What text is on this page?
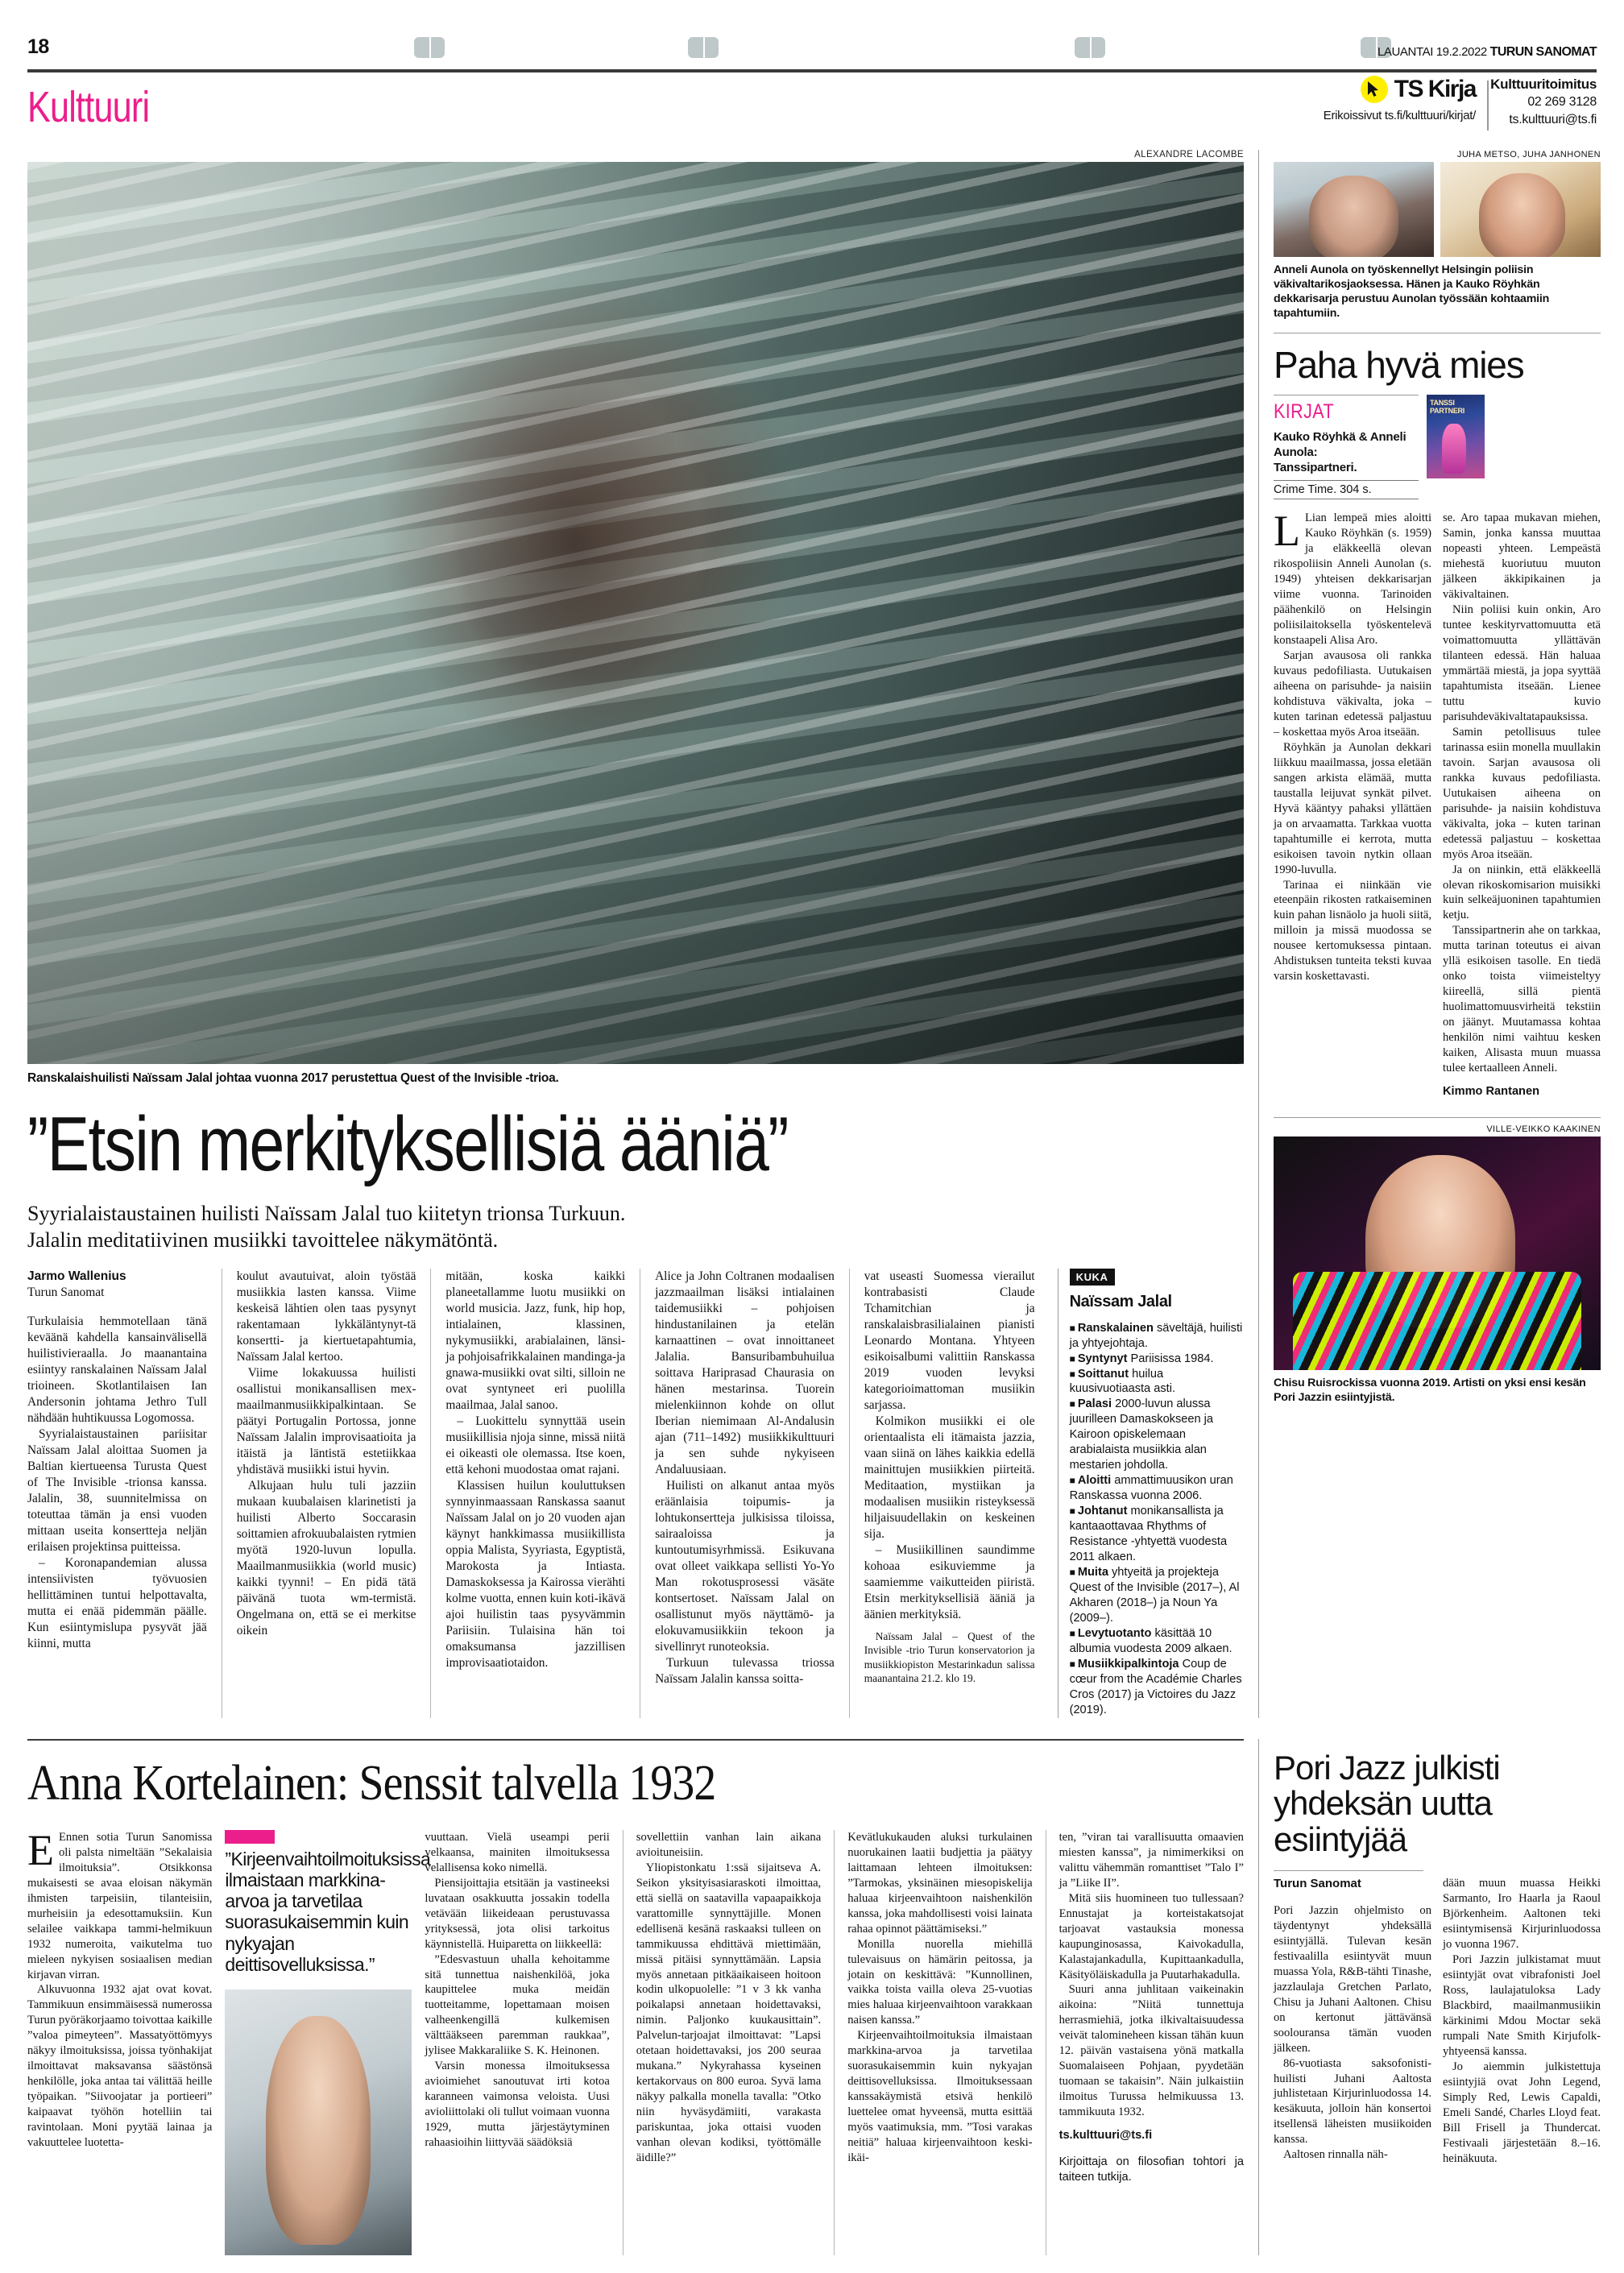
18	LAUANTAI 19.2.2022 TURUN SANOMAT
Kulttuuri	TS Kirja
Erikoissivut ts.fi/kulttuuri/kirjat/
Kulttuuritoimitus
02 269 3128
ts.kulttuuri@ts.fi
ALEXANDRE LACOMBE
Ranskalaishuilisti Naïssam Jalal johtaa vuonna 2017 perustettua Quest of the Invisible -trioa.
”Etsin merkityksellisiä ääniä”
Syyrialaistaustainen huilisti Naïssam Jalal tuo kiitetyn trionsa Turkuun.
Jalalin meditatiivinen musiikki tavoittelee näkymätöntä.
Jarmo Wallenius
Turun Sanomat

Turkulaisia hemmotellaan tänä keväänä kahdella kansainvälisellä huilistivieraalla. Jo maanantaina esiintyy ranskalainen Naïssam Jalal trioineen. Skotlantilaisen Ian Andersonin johtama Jethro Tull nähdään huhtikuussa Logomossa.

Syyrialaistaustainen pariisitar Naïssam Jalal aloittaa Suomen ja Baltian kiertueensa Turusta Quest of The Invisible -trionsa kanssa. Jalalin, 38, suunnitelmissa on toteuttaa tämän ja ensi vuoden mittaan useita konsertteja neljän erilaisen projektinsa puitteissa.

– Koronapandemian alussa intensiivisten työvuosien hellittäminen tuntui helpottavalta, mutta ei enää pidemmän päälle. Kun esiintymislupa pysyvät jää kiinni, mutta

koulut avautuivat, aloin työstää musiikkia lasten kanssa. Viime keskeisä lähtien olen taas pysynyt rakentamaan lykkäläntynyt-tä konsertti- ja kiertuetapahtumia, Naïssam Jalal kertoo.

Viime lokakuussa huilisti osallistui monikansallisen mex-maailmanmusiikkipalkintaan. Se päätyi Portugalin Portossa, jonne Naïssam Jalalin improvisaatioita ja itäistä ja läntistä estetiikkaa yhdistävä musiikki istui hyvin.

Alkujaan hulu tuli jazziin mukaan kuubalaisen klarinetisti ja huilisti Alberto Soccarasin soittamien afrokuubalaisten rytmien myötä 1920-luvun lopulla. Maailmanmusiikkia (world music) kaikki tyynni! – En pidä tätä päivänä tuota wm-termistä. Ongelmana on, että se ei merkitse oikein

mitään, koska kaikki planeetallamme luotu musiikki on world musicia. Jazz, funk, hip hop, intialainen, klassinen, nykymusiikki, arabialainen, länsi- ja pohjoisafrikkalainen mandinga-ja gnawa-musiikki ovat silti, silloin ne ovat syntyneet eri puolilla maailmaa, Jalal sanoo.

– Luokittelu synnyttää usein musiikillisia njoja sinne, missä niitä ei oikeasti ole olemassa. Itse koen, että kehoni muodostaa omat rajani.

Klassisen huilun kouluttuksen synnyinmaassaan Ranskassa saanut Naïssam Jalal on jo 20 vuoden ajan käynyt hankkimassa musiikillista oppia Malista, Syyriasta, Egyptistä, Marokosta ja Intiasta. Damaskoksessa ja Kairossa vierähti kolme vuotta, ennen kuin koti-ikävä ajoi huilistin taas pysyvämmin Pariisiin. Tulaisina hän toi omaksumansa jazzillisen improvisaatiotaidon.

Alice ja John Coltranen modaalisen jazzmaailman lisäksi intialainen taidemusiikki – pohjoisen hindustanilainen ja etelän karnaattinen – ovat innoittaneet Jalalia. Bansuribambuhuilua soittava Hariprasad Chaurasia on hänen mestarinsa. Tuorein mielenkiinnon kohde on ollut Iberian niemimaan Al-Andalusin ajan (711–1492) musiikkikulttuuri ja sen suhde nykyiseen Andaluusiaan.

Huilisti on alkanut antaa myös eräänlaisia toipumis- ja lohtukonsertteja julkisissa tiloissa, sairaaloissa ja kuntoutumisyrhmissä. Esikuvana ovat olleet vaikkapa sellisti Yo-Yo Man rokotusprosessi väsäte kontsertoset. Naïssam Jalal on osallistunut myös näyttämö- ja elokuvamusiikkiin tekoon ja sivellinryt runoteoksia.

Turkuun tulevassa triossa Naïssam Jalalin kanssa soitta-

vat useasti Suomessa vierailut kontrabasisti Claude Tchamitchian ja ranskalaisbrasilialainen pianisti Leonardo Montana. Yhtyeen esikoisalbumi valittiin Ranskassa 2019 vuoden levyksi kategorioimattoman musiikin sarjassa.

Kolmikon musiikki ei ole orientaalista eli itämaista jazzia, vaan siinä on lähes kaikkia edellä mainittujen musiikkien piirteitä. Meditaation, mystiikan ja modaalisen musiikin risteyksessä hiljaisuudellakin on keskeinen sija.

– Musiikillinen saundimme kohoaa esikuviemme ja saamiemme vaikutteiden piiristä. Etsin merkityksellisiä ääniä ja äänien merkityksiä.

Naïssam Jalal – Quest of the Invisible -trio Turun konservatorion ja musiikkiopiston Mestarinkadun salissa maanantaina 21.2. klo 19.

KUKA
Naïssam Jalal
■ Ranskalainen säveltäjä, huilisti ja yhtyejohtaja.
■ Syntynyt Pariisissa 1984.
■ Soittanut huilua kuusivuotiaasta asti.
■ Palasi 2000-luvun alussa juurilleen Damaskokseen ja Kairoon opiskelemaan arabialaista musiikkia alan mestarien johdolla.
■ Aloitti ammattimuusikon uran Ranskassa vuonna 2006.
■ Johtanut monikansallista ja kantaaottavaa Rhythms of Resistance -yhtyettä vuodesta 2011 alkaen.
■ Muita yhtyeitä ja projekteja Quest of the Invisible (2017–), Al Akharen (2018–) ja Noun Ya (2009–).
■ Levytuotanto käsittää 10 albumia vuodesta 2009 alkaen.
■ Musiikkipalkintoja Coup de cœur from the Académie Charles Cros (2017) ja Victoires du Jazz (2019).
JUHA METSO, JUHA JANHONEN
Anneli Aunola on työskennellyt Helsingin poliisin väkivaltarikosjaoksessa. Hänen ja Kauko Röyhkän dekkarisarja perustuu Aunolan työssään kohtaamiin tapahtumiin.
Paha hyvä mies
KIRJAT
Kauko Röyhkä & Anneli Aunola:
Tanssipartneri.
Crime Time. 304 s.
TANSSI PARTNERI

L Lian lempeä mies aloitti Kauko Röyhkän (s. 1959) ja eläkkeellä olevan rikospoliisin Anneli Aunolan (s. 1949) yhteisen dekkarisarjan viime vuonna. Tarinoiden päähenkilö on Helsingin poliisilaitoksella työskentelevä konstaapeli Alisa Aro.

Sarjan avausosa oli rankka kuvaus pedofiliasta. Uutukaisen aiheena on parisuhde- ja naisiin kohdistuva väkivalta, joka – kuten tarinan edetessä paljastuu – koskettaa myös Aroa itseään.

Röyhkän ja Aunolan dekkari liikkuu maailmassa, jossa eletään sangen arkista elämää, mutta taustalla leijuvat synkät pilvet. Hyvä kääntyy pahaksi yllättäen ja on arvaamatta. Tarkkaa vuotta tapahtumille ei kerrota, mutta esikoisen tavoin nytkin ollaan 1990-luvulla.

Tarinaa ei niinkään vie eteenpäin rikosten ratkaiseminen kuin pahan lisnäolo ja huoli siitä, milloin ja missä muodossa se nousee kertomuksessa pintaan. Ahdistuksen tunteita teksti kuvaa varsin koskettavasti.

se. Aro tapaa mukavan miehen, Samin, jonka kanssa muuttaa nopeasti yhteen. Lempeästä miehestä kuoriutuu muuton jälkeen äkkipikainen ja väkivaltainen.

Niin poliisi kuin onkin, Aro tuntee keskityrvattomuutta etä voimattomuutta yllättävän tilanteen edessä. Hän haluaa ymmärtää miestä, ja jopa syyttää tapahtumista itseään. Lienee tuttu kuvio parisuhdeväkivaltatapauksissa.

Samin petollisuus tulee tarinassa esiin monella muullakin tavoin. Sarjan avausosa oli rankka kuvaus pedofiliasta. Uutukaisen aiheena on parisuhde- ja naisiin kohdistuva väkivalta, joka – kuten tarinan edetessä paljastuu – koskettaa myös Aroa itseään.

Ja on niinkin, että eläkkeellä olevan rikoskomisarion muisikki kuin selkeäjuoninen tapahtumien ketju.

Tanssipartnerin ahe on tarkkaa, mutta tarinan toteutus ei aivan yllä esikoisen tasolle. En tiedä onko toista viimeisteltyy kiireellä, sillä pientä huolimattomuusvirheitä tekstiin on jäänyt. Muutamassa kohtaa henkilön nimi vaihtuu kesken kaiken, Alisasta muun muassa tulee kertaalleen Anneli.

Kimmo Rantanen
VILLE-VEIKKO KAAKINEN
Chisu Ruisrockissa vuonna 2019. Artisti on yksi ensi kesän Pori Jazzin esiintyjistä.
Anna Kortelainen: Senssit talvella 1932

E Ennen sotia Turun Sanomissa oli palsta nimeltään ”Sekalaisia ilmoituksia”. Otsikkonsa mukaisesti se avaa eloisan näkymän ihmisten tarpeisiin, tilanteisiin, murheisiin ja edesottamuksiin. Kun selailee vaikkapa tammi-helmikuun 1932 numeroita, vaikutelma tuo mieleen nykyisen sosiaalisen median kirjavan virran.

Alkuvuonna 1932 ajat ovat kovat. Tammikuun ensimmäisessä numerossa Turun pyöräkorjaamo toivottaa kaikille ”valoa pimeyteen”. Massatyöttömyys näkyy ilmoituksissa, joissa työnhakijat ilmoittavat maksavansa säästönsä henkilölle, joka antaa tai välittää heille työpaikan. ”Siivoojatar ja portieeri” kaipaavat työhön hotelliin tai ravintolaan. Moni pyytää lainaa ja vakuuttelee luotetta-

”Kirjeenvaihtoilmoituksissa ilmaistaan markkina-arvoa ja tarvetilaa suorasukaisemmin kuin nykyajan deittisovelluksissa.”

vuuttaan. Vielä useampi perii velkaansa, mainiten ilmoituksessa velallisensa koko nimellä.

Piensijoittajia etsitään ja vastineeksi luvataan osakkuutta jossakin todella vetävään liikeideaan perustuvassa yrityksessä, jota olisi tarkoitus käynnistellä. Huiparetta on liikkeellä:

”Edesvastuun uhalla kehoitamme sitä tunnettua naishenkilöä, joka kaupittelee muka meidän tuotteitamme, lopettamaan moisen valheenkengillä kulkemisen välttääkseen paremman raukkaa”, jylisee Makkaraliike S. K. Heinonen.

Varsin monessa ilmoituksessa avioimiehet sanoutuvat irti kotoa karanneen vaimonsa veloista. Uusi avioliittolaki oli tullut voimaan vuonna 1929, mutta järjestäytyminen rahaasioihin liittyvää säädöksiä

sovellettiin vanhan lain aikana avioituneisiin.

Yliopistonkatu 1:ssä sijaitseva A. Seikon yksityisasiaraskoti ilmoittaa, että siellä on saatavilla vapaapaikkoja varattomille synnyttäjille. Monen edellisenä kesänä raskaaksi tulleen on tammikuussa ehdittävä miettimään, missä pitäisi synnyttämään. Lapsia myös annetaan pitkäaikaiseen hoitoon kodin ulkopuolelle: ”1 v 3 kk vanha poikalapsi annetaan hoidettavaksi, nimin. Paljonko kuukausittain”. Palvelun-tarjoajat ilmoittavat: ”Lapsi otetaan hoidettavaksi, jos 200 seuraa mukana.” Nykyrahassa kyseinen kertakorvaus on 800 euroa. Syvä lama näkyy palkalla monella tavalla: ”Otko niin hyväsydämiiti, varakasta pariskuntaa, joka ottaisi vuoden vanhan olevan kodiksi, työttömälle äidille?”

Kevätlukukauden aluksi turkulainen nuorukainen laatii budjettia ja päätyy laittamaan lehteen ilmoituksen: ”Tarmokas, yksinäinen miesopiskelija haluaa kirjeenvaihtoon naishenkilön kanssa, joka mahdollisesti voisi lainata rahaa opinnot päättämiseksi.”

Monilla nuorella miehillä tulevaisuus on hämärin peitossa, ja jotain on keskittävä: ”Kunnollinen, vaikka toista vailla oleva 25-vuotias mies haluaa kirjeenvaihtoon varakkaan naisen kanssa.”

Kirjeenvaihtoilmoituksia ilmaistaan markkina-arvoa ja tarvetilaa suorasukaisemmin kuin nykyajan deittisovelluksissa. Ilmoituksessaan kanssakäymistä etsivä henkilö luettelee omat hyveensä, mutta esittää myös vaatimuksia, mm. ”Tosi varakas neitiä” haluaa kirjeenvaihtoon keski-ikäi-

ten, ”viran tai varallisuutta omaavien miesten kanssa”, ja nimimerkiksi on valittu vähemmän romanttiset ”Talo I” ja ”Liike II”.

Mitä siis huomineen tuo tullessaan? Ennustajat ja korteistakatsojat tarjoavat vastauksia monessa kaupunginosassa, Kaivokadulla, Kalastajankadulla, Kupittaankadulla, Käsityöläiskadulla ja Puutarhakadulla.

Suuri anna juhlitaan vaikeinakin aikoina: ”Niitä tunnettuja herrasmiehiä, jotka ilkivaltaisuudessa veivät talomineheen kissan tähän kuun 12. päivän vastaisena yönä matkalla Suomalaiseen Pohjaan, pyydetään tuomaan se takaisin”. Näin julkaistiin ilmoitus Turussa helmikuussa 13. tammikuuta 1932.

ts.kulttuuri@ts.fi
Kirjoittaja on filosofian tohtori ja taiteen tutkija.
Pori Jazz julkisti yhdeksän uutta esiintyjää
Turun Sanomat

Pori Jazzin ohjelmisto on täydentynyt yhdeksällä esiintyjällä. Tulevan kesän festivaalilla esiintyvät muun muassa Yola, R&B-tähti Tinashe, jazzlaulaja Gretchen Parlato, Chisu ja Juhani Aaltonen. Chisu on kertonut jättävänsä soolouransa tämän vuoden jälkeen.

86-vuotiasta saksofonisti-huilisti Juhani Aaltosta juhlistetaan Kirjurinluodossa 14. kesäkuuta, jolloin hän konsertoi itsellensä läheisten musiikoiden kanssa.

Aaltosen rinnalla näh-

dään muun muassa Heikki Sarmanto, Iro Haarla ja Raoul Björkenheim. Aaltonen teki esiintymisensä Kirjurinluodossa jo vuonna 1967.

Pori Jazzin julkistamat muut esiintyjät ovat vibrafonisti Joel Ross, laulajatuloksa Lady Blackbird, maailmanmusiikin kärkinimi Mdou Moctar sekä rumpali Nate Smith Kirjufolk-yhtyeensä kanssa.

Jo aiemmin julkistettuja esiintyjiä ovat John Legend, Simply Red, Lewis Capaldi, Emeli Sandé, Charles Lloyd feat. Bill Frisell ja Thundercat. Festivaali järjestetään 8.–16. heinäkuuta.
